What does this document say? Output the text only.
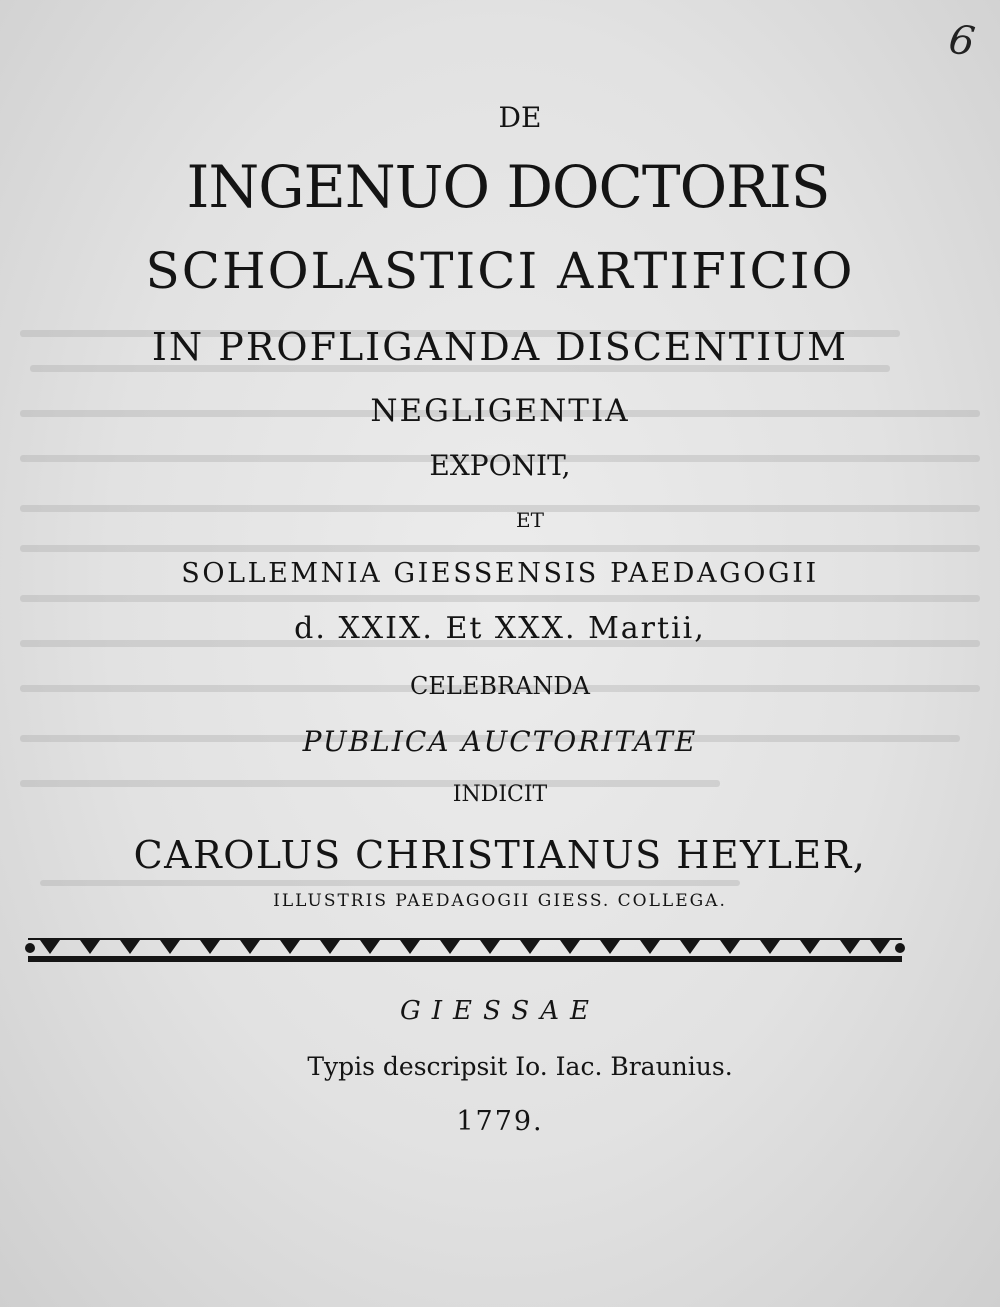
6
DE
INGENUO DOCTORIS
SCHOLASTICI ARTIFICIO
IN PROFLIGANDA DISCENTIUM
NEGLIGENTIA
EXPONIT,
ET
SOLLEMNIA GIESSENSIS PAEDAGOGII
d. XXIX. Et XXX. Martii,
CELEBRANDA
PUBLICA AUCTORITATE
INDICIT
CAROLUS CHRISTIANUS HEYLER,
ILLUSTRIS PAEDAGOGII GIESS. COLLEGA.
GIESSAE
Typis descripsit Io. Iac. Braunius.
1779.
